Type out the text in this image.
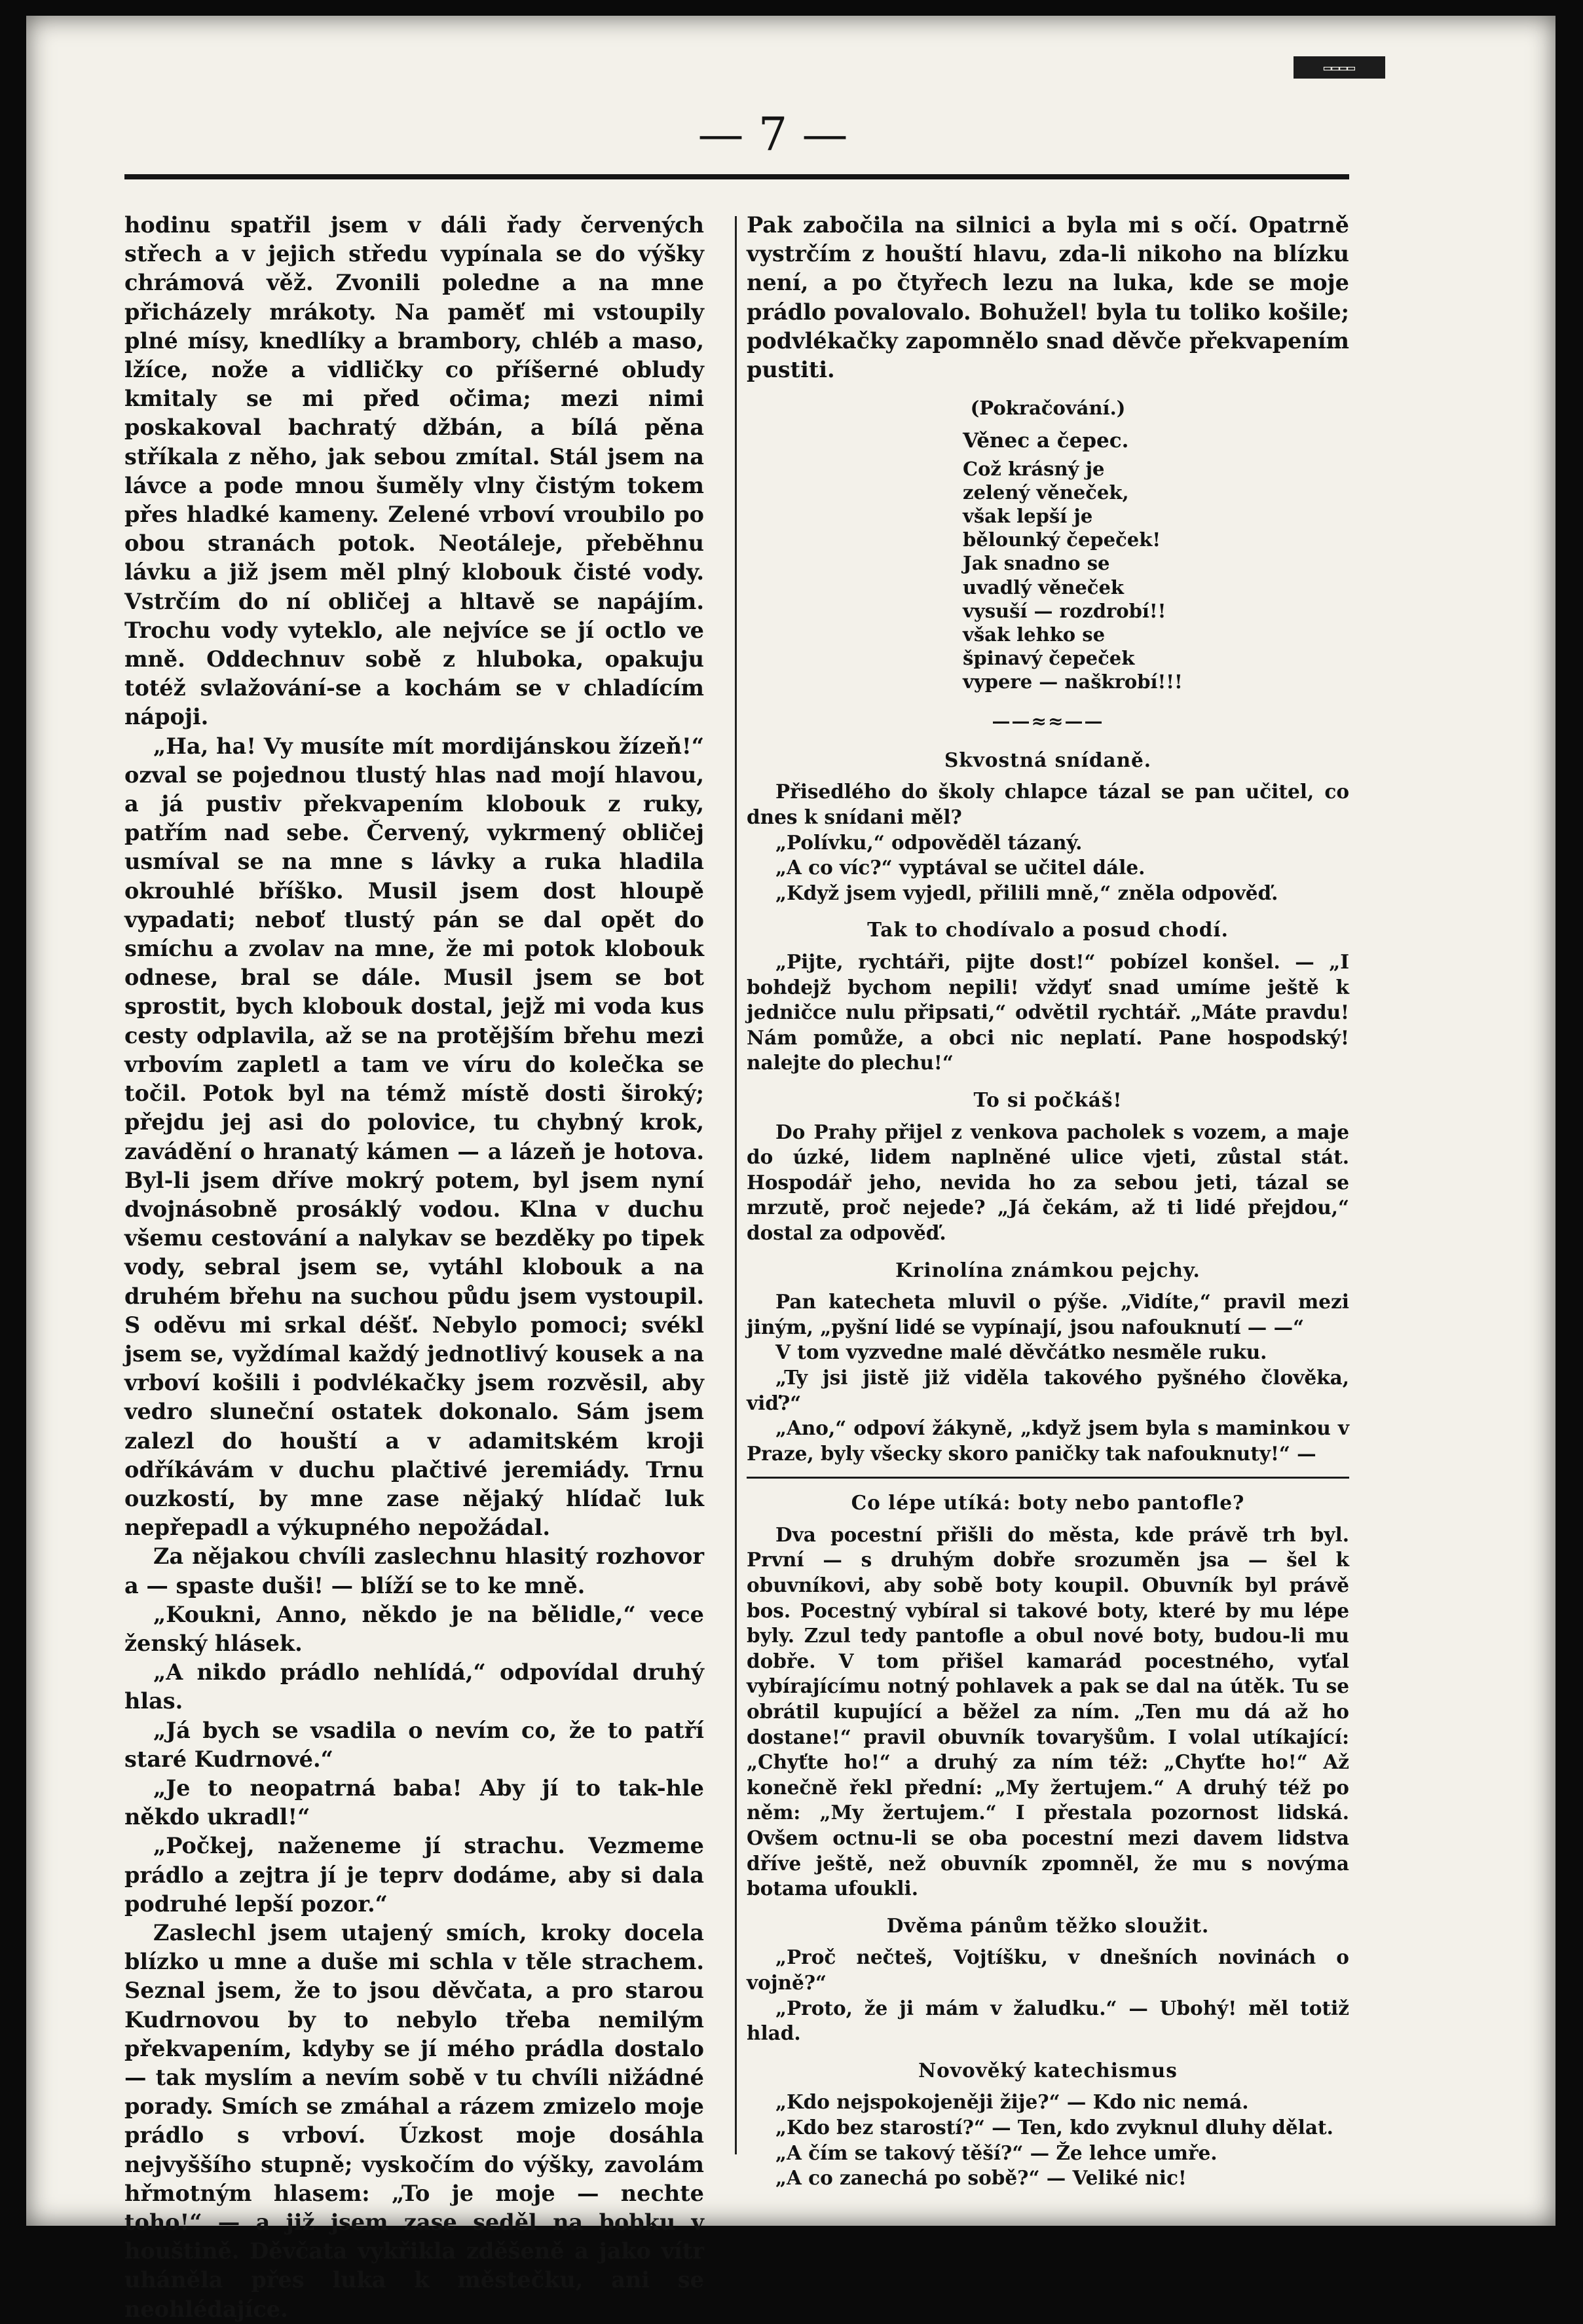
▭▭▭▭
— 7 —

hodinu spatřil jsem v dáli řady červených střech a v jejich středu vypínala se do výšky chrámová věž. Zvonili poledne a na mne přicházely mrákoty. Na paměť mi vstoupily plné mísy, knedlíky a brambory, chléb a maso, lžíce, nože a vidličky co příšerné obludy kmitaly se mi před očima; mezi nimi poskakoval bachratý džbán, a bílá pěna stříkala z něho, jak sebou zmítal. Stál jsem na lávce a pode mnou šuměly vlny čistým tokem přes hladké kameny. Zelené vrboví vroubilo po obou stranách potok. Neotáleje, přeběhnu lávku a již jsem měl plný klobouk čisté vody. Vstrčím do ní obličej a hltavě se napájím. Trochu vody vyteklo, ale nejvíce se jí octlo ve mně. Oddechnuv sobě z hluboka, opakuju totéž svlažování-se a kochám se v chladícím nápoji.

„Ha, ha! Vy musíte mít mordijánskou žízeň!“ ozval se pojednou tlustý hlas nad mojí hlavou, a já pustiv překvapením klobouk z ruky, patřím nad sebe. Červený, vykrmený obličej usmíval se na mne s lávky a ruka hladila okrouhlé bříško. Musil jsem dost hloupě vypadati; neboť tlustý pán se dal opět do smíchu a zvolav na mne, že mi potok klobouk odnese, bral se dále. Musil jsem se bot sprostit, bych klobouk dostal, jejž mi voda kus cesty odplavila, až se na protějším břehu mezi vrbovím zapletl a tam ve víru do kolečka se točil. Potok byl na témž místě dosti široký; přejdu jej asi do polovice, tu chybný krok, zavádění o hranatý kámen — a lázeň je hotova. Byl-li jsem dříve mokrý potem, byl jsem nyní dvojnásobně prosáklý vodou. Klna v duchu všemu cestování a nalykav se bezděky po tipek vody, sebral jsem se, vytáhl klobouk a na druhém břehu na suchou půdu jsem vystoupil. S oděvu mi srkal déšť. Nebylo pomoci; svékl jsem se, vyždímal každý jednotlivý kousek a na vrboví košili i podvlékačky jsem rozvěsil, aby vedro sluneční ostatek dokonalo. Sám jsem zalezl do houští a v adamitském kroji odříkávám v duchu plačtivé jeremiády. Trnu ouzkostí, by mne zase nějaký hlídač luk nepřepadl a výkupného nepožádal.

Za nějakou chvíli zaslechnu hlasitý rozhovor a — spaste duši! — blíží se to ke mně.

„Koukni, Anno, někdo je na bělidle,“ vece ženský hlásek.

„A nikdo prádlo nehlídá,“ odpovídal druhý hlas.

„Já bych se vsadila o nevím co, že to patří staré Kudrnové.“

„Je to neopatrná baba! Aby jí to tak-hle někdo ukradl!“

„Počkej, naženeme jí strachu. Vezmeme prádlo a zejtra jí je teprv dodáme, aby si dala podruhé lepší pozor.“

Zaslechl jsem utajený smích, kroky docela blízko u mne a duše mi schla v těle strachem. Seznal jsem, že to jsou děvčata, a pro starou Kudrnovou by to nebylo třeba nemilým překvapením, kdyby se jí mého prádla dostalo — tak myslím a nevím sobě v tu chvíli nižádné porady. Smích se zmáhal a rázem zmizelo moje prádlo s vrboví. Úzkost moje dosáhla nejvyššího stupně; vyskočím do výšky, zavolám hřmotným hlasem: „To je moje — nechte toho!“ — a již jsem zase seděl na bobku v houštině. Děvčata vykřikla zděšeně a jako vítr uháněla přes luka k městečku, ani se neohlédajíce.

Pak zabočila na silnici a byla mi s očí. Opatrně vystrčím z houští hlavu, zda-li nikoho na blízku není, a po čtyřech lezu na luka, kde se moje prádlo povalovalo. Bohužel! byla tu toliko košile; podvlékačky zapomnělo snad děvče překvapením pustiti.

(Pokračování.)
Věnec a čepec.
Což krásný je
zelený věneček,
však lepší je
bělounký čepeček!
Jak snadno se
uvadlý věneček
vysuší — rozdrobí!!
však lehko se
špinavý čepeček
vypere — naškrobí!!!
——≈≈——
Skvostná snídaně.

Přisedlého do školy chlapce tázal se pan učitel, co dnes k snídani měl?

„Polívku,“ odpověděl tázaný.

„A co víc?“ vyptával se učitel dále.

„Když jsem vyjedl, přilili mně,“ zněla odpověď.

Tak to chodívalo a posud chodí.

„Pijte, rychtáři, pijte dost!“ pobízel konšel. — „I bohdejž bychom nepili! vždyť snad umíme ještě k jedničce nulu připsati,“ odvětil rychtář. „Máte pravdu! Nám pomůže, a obci nic neplatí. Pane hospodský! nalejte do plechu!“

To si počkáš!

Do Prahy přijel z venkova pacholek s vozem, a maje do úzké, lidem naplněné ulice vjeti, zůstal stát. Hospodář jeho, nevida ho za sebou jeti, tázal se mrzutě, proč nejede? „Já čekám, až ti lidé přejdou,“ dostal za odpověď.

Krinolína známkou pejchy.

Pan katecheta mluvil o pýše. „Vidíte,“ pravil mezi jiným, „pyšní lidé se vypínají, jsou nafouknutí — —“

V tom vyzvedne malé děvčátko nesměle ruku.

„Ty jsi jistě již viděla takového pyšného člověka, viď?“

„Ano,“ odpoví žákyně, „když jsem byla s maminkou v Praze, byly všecky skoro paničky tak nafouknuty!“ —

Co lépe utíká: boty nebo pantofle?

Dva pocestní přišli do města, kde právě trh byl. První — s druhým dobře srozuměn jsa — šel k obuvníkovi, aby sobě boty koupil. Obuvník byl právě bos. Pocestný vybíral si takové boty, které by mu lépe byly. Zzul tedy pantofle a obul nové boty, budou-li mu dobře. V tom přišel kamarád pocestného, vyťal vybírajícímu notný pohlavek a pak se dal na útěk. Tu se obrátil kupující a běžel za ním. „Ten mu dá až ho dostane!“ pravil obuvník tovaryšům. I volal utíkající: „Chyťte ho!“ a druhý za ním též: „Chyťte ho!“ Až konečně řekl přední: „My žertujem.“ A druhý též po něm: „My žertujem.“ I přestala pozornost lidská. Ovšem octnu-li se oba pocestní mezi davem lidstva dříve ještě, než obuvník zpomněl, že mu s novýma botama ufoukli.

Dvěma pánům těžko sloužit.

„Proč nečteš, Vojtíšku, v dnešních novinách o vojně?“

„Proto, že ji mám v žaludku.“ — Ubohý! měl totiž hlad.

Novověký katechismus

„Kdo nejspokojeněji žije?“ — Kdo nic nemá.

„Kdo bez starostí?“ — Ten, kdo zvyknul dluhy dělat.

„A čím se takový těší?“ — Že lehce umře.

„A co zanechá po sobě?“ — Veliké nic!
